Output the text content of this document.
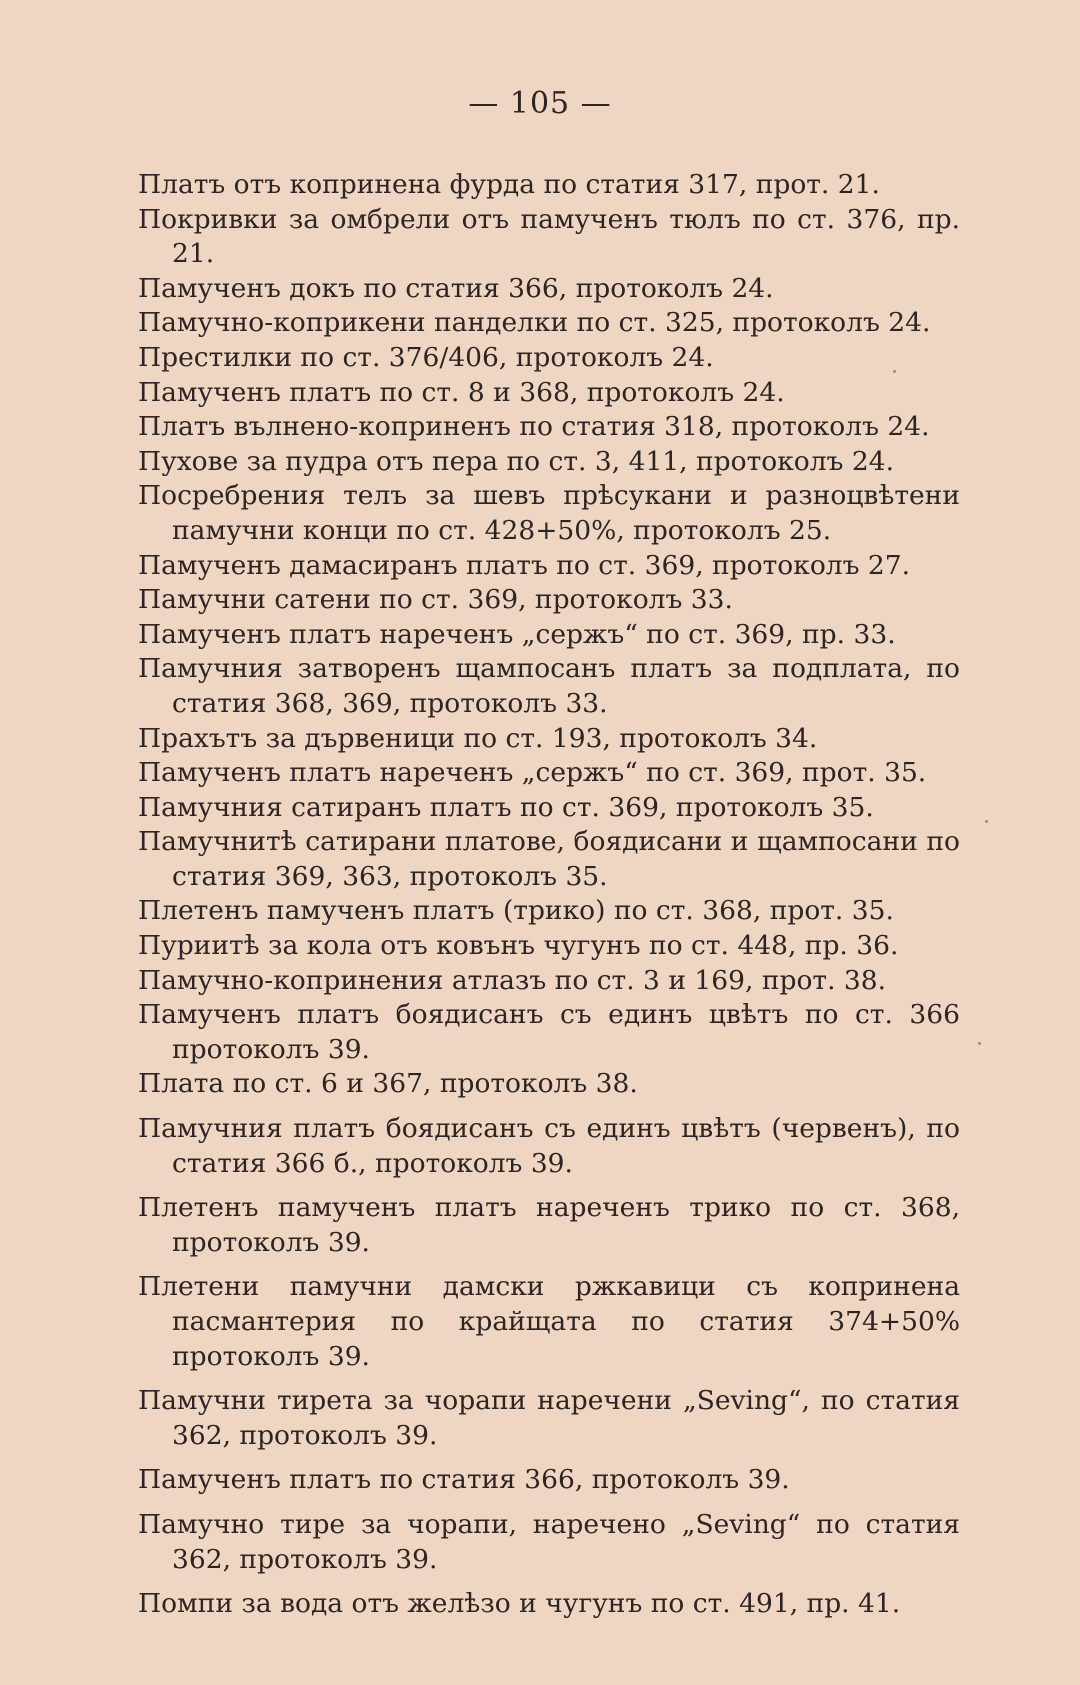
— 105 —
Платъ отъ копринена фурда по статия 317, прот. 21.
Покривки за омбрели отъ памученъ тюлъ по ст. 376, пр. 21.
Памученъ докъ по статия 366, протоколъ 24.
Памучно-коприкени панделки по ст. 325, протоколъ 24.
Престилки по ст. 376/406, протоколъ 24.
Памученъ платъ по ст. 8 и 368, протоколъ 24.
Платъ вълнено-копринeнъ по статия 318, протоколъ 24.
Пухове за пудра отъ пера по ст. 3, 411, протоколъ 24.
Посребрения телъ за шевъ прѣсукани и разноцвѣтени памучни конци по ст. 428+50%, протоколъ 25.
Памученъ дамасиранъ платъ по ст. 369, протоколъ 27.
Памучни сатени по ст. 369, протоколъ 33.
Памученъ платъ нареченъ „сержъ“ по ст. 369, пр. 33.
Памучния затворенъ щампосанъ платъ за подплата, по статия 368, 369, протоколъ 33.
Прахътъ за дървеници по ст. 193, протоколъ 34.
Памученъ платъ нареченъ „сержъ“ по ст. 369, прот. 35.
Памучния сатиранъ платъ по ст. 369, протоколъ 35.
Памучнитѣ сатирани платове, боядисани и щампосани по статия 369, 363, протоколъ 35.
Плетенъ памученъ платъ (трико) по ст. 368, прот. 35.
Пуриитѣ за кола отъ ковънъ чугунъ по ст. 448, пр. 36.
Памучно-копринения атлазъ по ст. 3 и 169, прот. 38.
Памученъ платъ боядисанъ съ единъ цвѣтъ по ст. 366 протоколъ 39.
Плата по ст. 6 и 367, протоколъ 38.
Памучния платъ боядисанъ съ единъ цвѣтъ (червенъ), по статия 366 б., протоколъ 39.
Плетенъ памученъ платъ нареченъ трико по ст. 368, протоколъ 39.
Плетени памучни дамски ржкавици съ копринена пасмантерия по крайщата по статия 374+50% протоколъ 39.
Памучни тирета за чорапи наречени „Seving“, по статия 362, протоколъ 39.
Памученъ платъ по статия 366, протоколъ 39.
Памучно тире за чорапи, наречено „Seving“ по статия 362, протоколъ 39.
Помпи за вода отъ желѣзо и чугунъ по ст. 491, пр. 41.
